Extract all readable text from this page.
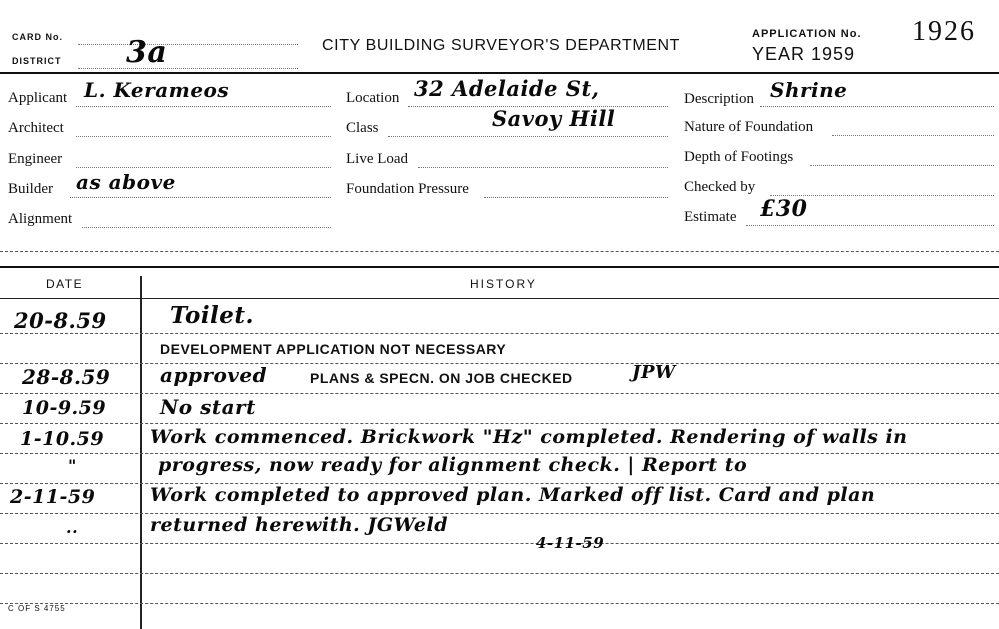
CARD No.
DISTRICT 3a	CITY BUILDING SURVEYOR'S DEPARTMENT
APPLICATION No.
YEAR 1959
1926
Applicant L. Kerameos
Architect
Engineer
Builder as above
Alignment
Location 32 Adelaide St,
Class	Savoy Hill
Live Load
Foundation Pressure
Description Shrine
Nature of Foundation
Depth of Footings
Checked by
Estimate £30
DATE	HISTORY
20-8.59	Toilet.
DEVELOPMENT APPLICATION NOT NECESSARY
28-8.59 approved	PLANS & SPECN. ON JOB CHECKED	JPW
10-9.59	No start
1-10.59 Work commenced. Brickwork "Hz" completed. Rendering of walls in
"	progress, now ready for alignment check. | Report to
2-11-59	Work completed to approved plan. Marked off list. Card and plan
..	returned herewith. JGWeld
4-11-59
C OF S 4755
